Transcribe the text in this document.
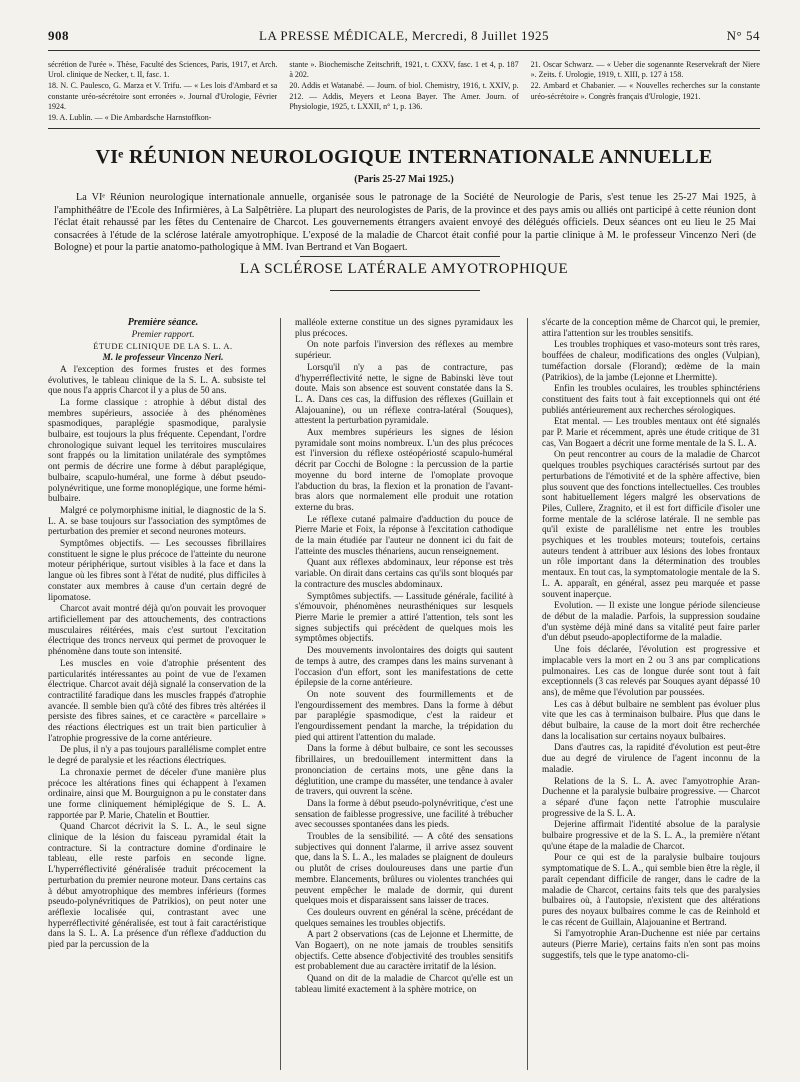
908	LA PRESSE MÉDICALE, Mercredi, 8 Juillet 1925	N° 54

sécrétion de l'urée ». Thèse, Faculté des Sciences, Paris, 1917, et Arch. Urol. clinique de Necker, t. II, fasc. 1.

18. N. C. Paulesco, G. Marza et V. Trifu. — « Les lois d'Ambard et sa constante uréo-sécrétoire sont erronées ». Journal d'Urologie, Février 1924.

19. A. Lublin. — « Die Ambardsche Harnstoffkon-

stante ». Biochemische Zeitschrift, 1921, t. CXXV, fasc. 1 et 4, p. 187 à 202.

20. Addis et Watanabé. — Journ. of biol. Chemistry, 1916, t. XXIV, p. 212. — Addis, Meyers et Leona Bayer. The Amer. Journ. of Physiologie, 1925, t. LXXII, n° 1, p. 136.

21. Oscar Schwarz. — « Ueber die sogenannte Reservekraft der Niere ». Zeits. f. Urologie, 1919, t. XIII, p. 127 à 158.

22. Ambard et Chabanier. — « Nouvelles recherches sur la constante uréo-sécrétoire ». Congrès français d'Urologie, 1921.

VIᵉ RÉUNION NEUROLOGIQUE INTERNATIONALE ANNUELLE
(Paris 25-27 Mai 1925.)

La VIᵉ Réunion neurologique internationale annuelle, organisée sous le patronage de la Société de Neurologie de Paris, s'est tenue les 25-27 Mai 1925, à l'amphithéâtre de l'Ecole des Infirmières, à La Salpêtrière. La plupart des neurologistes de Paris, de la province et des pays amis ou alliés ont participé à cette réunion dont l'éclat était rehaussé par les fêtes du Centenaire de Charcot. Les gouvernements étrangers avaient envoyé des délégués officiels. Deux séances ont eu lieu le 25 Mai consacrées à l'étude de la sclérose latérale amyotrophique. L'exposé de la maladie de Charcot était confié pour la partie clinique à M. le professeur Vincenzo Neri (de Bologne) et pour la partie anatomo-pathologique à MM. Ivan Bertrand et Van Bogaert.

LA SCLÉROSE LATÉRALE AMYOTROPHIQUE

Première séance.

Premier rapport.

ÉTUDE CLINIQUE DE LA S. L. A.

M. le professeur Vincenzo Neri.

A l'exception des formes frustes et des formes évolutives, le tableau clinique de la S. L. A. subsiste tel que nous l'a appris Charcot il y a plus de 50 ans.

La forme classique : atrophie à début distal des membres supérieurs, associée à des phénomènes spasmodiques, paraplégie spasmodique, paralysie bulbaire, est toujours la plus fréquente. Cependant, l'ordre chronologique suivant lequel les territoires musculaires sont frappés ou la limitation unilatérale des symptômes ont permis de décrire une forme à début paraplégique, bulbaire, scapulo-huméral, une forme à début pseudo-polynévritique, une forme monoplégique, une forme hémi-bulbaire.

Malgré ce polymorphisme initial, le diagnostic de la S. L. A. se base toujours sur l'association des symptômes de perturbation des premier et second neurones moteurs.

Symptômes objectifs. — Les secousses fibrillaires constituent le signe le plus précoce de l'atteinte du neurone moteur périphérique, surtout visibles à la face et dans la langue où les fibres sont à l'état de nudité, plus difficiles à constater aux membres à cause d'un certain degré de lipomatose.

Charcot avait montré déjà qu'on pouvait les provoquer artificiellement par des attouchements, des contractions musculaires réitérées, mais c'est surtout l'excitation électrique des troncs nerveux qui permet de provoquer le phénomène dans toute son intensité.

Les muscles en voie d'atrophie présentent des particularités intéressantes au point de vue de l'examen électrique. Charcot avait déjà signalé la conservation de la contractilité faradique dans les muscles frappés d'atrophie avancée. Il semble bien qu'à côté des fibres très altérées il persiste des fibres saines, et ce caractère « parcellaire » des réactions électriques est un trait bien particulier à l'atrophie progressive de la corne antérieure.

De plus, il n'y a pas toujours parallélisme complet entre le degré de paralysie et les réactions électriques.

La chronaxie permet de déceler d'une manière plus précoce les altérations fines qui échappent à l'examen ordinaire, ainsi que M. Bourguignon a pu le constater dans une forme cliniquement hémiplégique de S. L. A. rapportée par P. Marie, Chatelin et Bouttier.

Quand Charcot décrivit la S. L. A., le seul signe clinique de la lésion du faisceau pyramidal était la contracture. Si la contracture domine d'ordinaire le tableau, elle reste parfois en seconde ligne. L'hyperréflectivité généralisée traduit précocement la perturbation du premier neurone moteur. Dans certains cas à début amyotrophique des membres inférieurs (formes pseudo-polynévritiques de Patrikios), on peut noter une aréflexie localisée qui, contrastant avec une hyperréflectivité généralisée, est tout à fait caractéristique dans la S. L. A. La présence d'un réflexe d'adduction du pied par la percussion de la

malléole externe constitue un des signes pyramidaux les plus précoces.

On note parfois l'inversion des réflexes au membre supérieur.

Lorsqu'il n'y a pas de contracture, pas d'hyperréflectivité nette, le signe de Babinski lève tout doute. Mais son absence est souvent constatée dans la S. L. A. Dans ces cas, la diffusion des réflexes (Guillain et Alajouanine), ou un réflexe contra-latéral (Souques), attestent la perturbation pyramidale.

Aux membres supérieurs les signes de lésion pyramidale sont moins nombreux. L'un des plus précoces est l'inversion du réflexe ostéopériosté scapulo-huméral décrit par Cocchi de Bologne : la percussion de la partie moyenne du bord interne de l'omoplate provoque l'abduction du bras, la flexion et la pronation de l'avant-bras alors que normalement elle produit une rotation externe du bras.

Le réflexe cutané palmaire d'adduction du pouce de Pierre Marie et Foix, la réponse à l'excitation cathodique de la main étudiée par l'auteur ne donnent ici du fait de l'atteinte des muscles thénariens, aucun renseignement.

Quant aux réflexes abdominaux, leur réponse est très variable. On dirait dans certains cas qu'ils sont bloqués par la contracture des muscles abdominaux.

Symptômes subjectifs. — Lassitude générale, facilité à s'émouvoir, phénomènes neurasthéniques sur lesquels Pierre Marie le premier a attiré l'attention, tels sont les signes subjectifs qui précèdent de quelques mois les symptômes objectifs.

Des mouvements involontaires des doigts qui sautent de temps à autre, des crampes dans les mains survenant à l'occasion d'un effort, sont les manifestations de cette épilepsie de la corne antérieure.

On note souvent des fourmillements et de l'engourdissement des membres. Dans la forme à début par paraplégie spasmodique, c'est la raideur et l'engourdissement pendant la marche, la trépidation du pied qui attirent l'attention du malade.

Dans la forme à début bulbaire, ce sont les secousses fibrillaires, un bredouillement intermittent dans la prononciation de certains mots, une gêne dans la déglutition, une crampe du masséter, une tendance à avaler de travers, qui ouvrent la scène.

Dans la forme à début pseudo-polynévritique, c'est une sensation de faiblesse progressive, une facilité à trébucher avec secousses spontanées dans les pieds.

Troubles de la sensibilité. — A côté des sensations subjectives qui donnent l'alarme, il arrive assez souvent que, dans la S. L. A., les malades se plaignent de douleurs ou plutôt de crises douloureuses dans une partie d'un membre. Elancements, brûlures ou violentes tranchées qui peuvent empêcher le malade de dormir, qui durent quelques mois et disparaissent sans laisser de traces.

Ces douleurs ouvrent en général la scène, précédant de quelques semaines les troubles objectifs.

A part 2 observations (cas de Lejonne et Lhermitte, de Van Bogaert), on ne note jamais de troubles sensitifs objectifs. Cette absence d'objectivité des troubles sensitifs est probablement due au caractère irritatif de la lésion.

Quand on dit de la maladie de Charcot qu'elle est un tableau limité exactement à la sphère motrice, on

s'écarte de la conception même de Charcot qui, le premier, attira l'attention sur les troubles sensitifs.

Les troubles trophiques et vaso-moteurs sont très rares, bouffées de chaleur, modifications des ongles (Vulpian), tuméfaction dorsale (Florand); œdème de la main (Patrikios), de la jambe (Lejonne et Lhermitte).

Enfin les troubles oculaires, les troubles sphinctériens constituent des faits tout à fait exceptionnels qui ont été publiés antérieurement aux recherches sérologiques.

Etat mental. — Les troubles mentaux ont été signalés par P. Marie et récemment, après une étude critique de 31 cas, Van Bogaert a décrit une forme mentale de la S. L. A.

On peut rencontrer au cours de la maladie de Charcot quelques troubles psychiques caractérisés surtout par des perturbations de l'émotivité et de la sphère affective, bien plus souvent que des fonctions intellectuelles. Ces troubles sont habituellement légers malgré les observations de Piles, Cullere, Zragnito, et il est fort difficile d'isoler une forme mentale de la sclérose latérale. Il ne semble pas qu'il existe de parallélisme net entre les troubles psychiques et les troubles moteurs; toutefois, certains auteurs tendent à attribuer aux lésions des lobes frontaux un rôle important dans la détermination des troubles mentaux. En tout cas, la symptomatologie mentale de la S. L. A. apparaît, en général, assez peu marquée et passe souvent inaperçue.

Evolution. — Il existe une longue période silencieuse de début de la maladie. Parfois, la suppression soudaine d'un système déjà miné dans sa vitalité peut faire parler d'un début pseudo-apoplectiforme de la maladie.

Une fois déclarée, l'évolution est progressive et implacable vers la mort en 2 ou 3 ans par complications pulmonaires. Les cas de longue durée sont tout à fait exceptionnels (3 cas relevés par Souques ayant dépassé 10 ans), de même que l'évolution par poussées.

Les cas à début bulbaire ne semblent pas évoluer plus vite que les cas à terminaison bulbaire. Plus que dans le début bulbaire, la cause de la mort doit être recherchée dans la localisation sur certains noyaux bulbaires.

Dans d'autres cas, la rapidité d'évolution est peut-être due au degré de virulence de l'agent inconnu de la maladie.

Relations de la S. L. A. avec l'amyotrophie Aran-Duchenne et la paralysie bulbaire progressive. — Charcot a séparé d'une façon nette l'atrophie musculaire progressive de la S. L. A.

Dejerine affirmait l'identité absolue de la paralysie bulbaire progressive et de la S. L. A., la première n'étant qu'une étape de la maladie de Charcot.

Pour ce qui est de la paralysie bulbaire toujours symptomatique de S. L. A., qui semble bien être la règle, il paraît cependant difficile de ranger, dans le cadre de la maladie de Charcot, certains faits tels que des paralysies bulbaires où, à l'autopsie, n'existent que des altérations pures des noyaux bulbaires comme le cas de Reinhold et le cas récent de Guillain, Alajouanine et Bertrand.

Si l'amyotrophie Aran-Duchenne est niée par certains auteurs (Pierre Marie), certains faits n'en sont pas moins suggestifs, tels que le type anatomo-cli-
